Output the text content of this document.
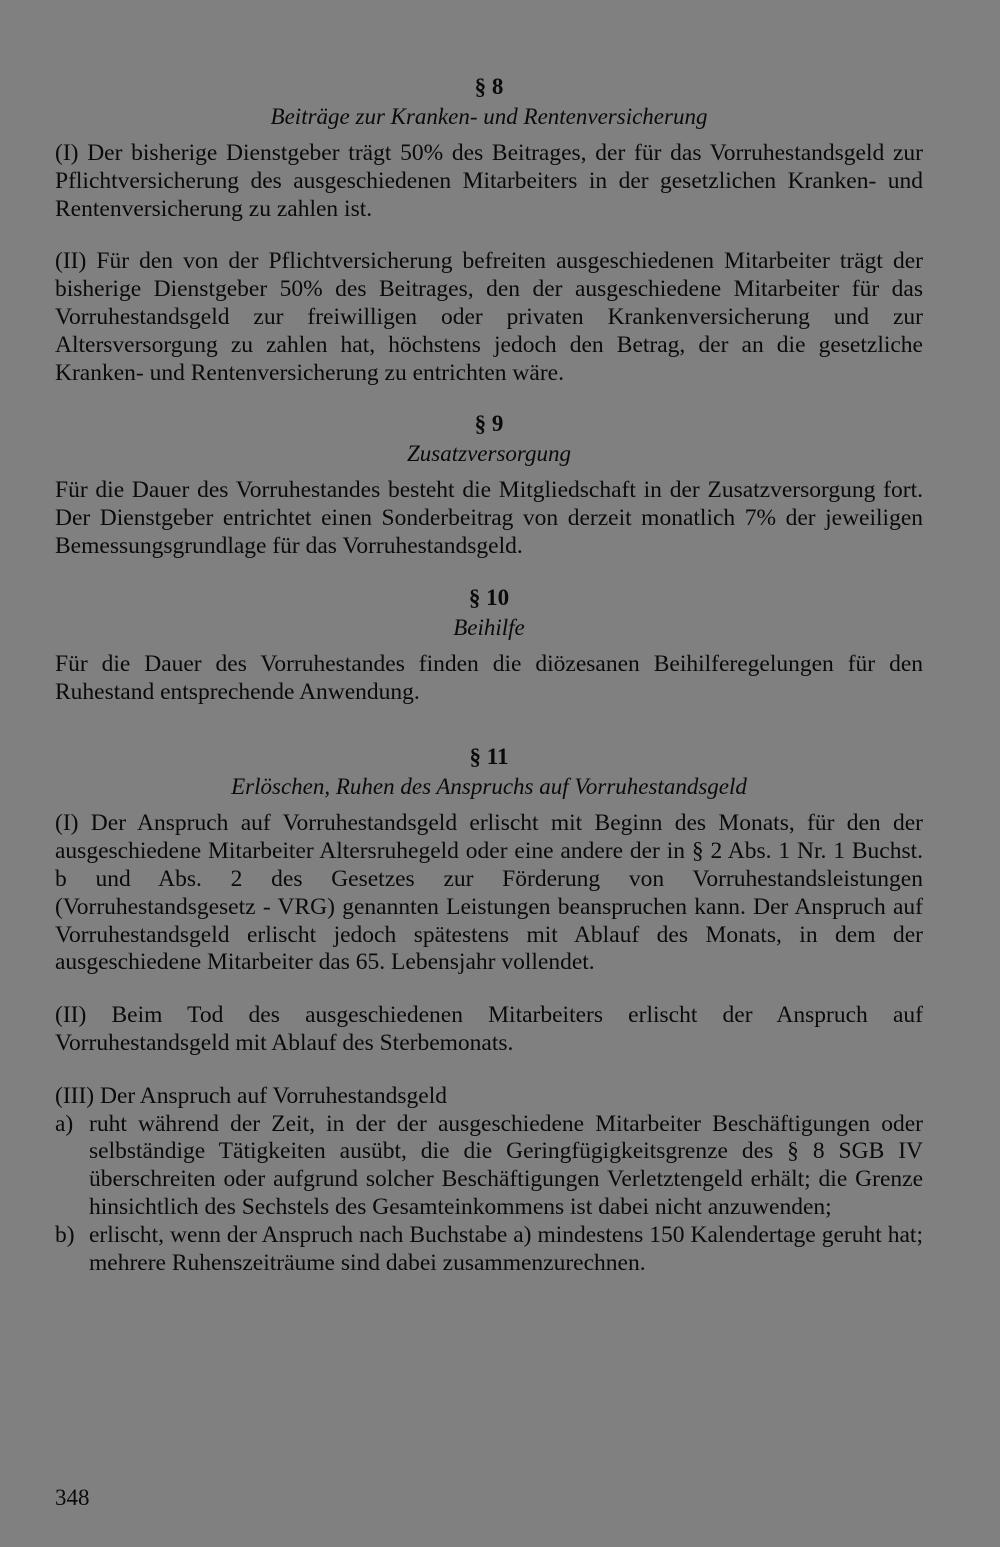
§ 8
Beiträge zur Kranken- und Rentenversicherung

(I) Der bisherige Dienstgeber trägt 50% des Beitrages, der für das Vorruhestandsgeld zur Pflichtversicherung des ausgeschiedenen Mitarbeiters in der gesetzlichen Kranken- und Rentenversicherung zu zahlen ist.

(II) Für den von der Pflichtversicherung befreiten ausgeschiedenen Mitarbeiter trägt der bisherige Dienstgeber 50% des Beitrages, den der ausgeschiedene Mitarbeiter für das Vorruhestandsgeld zur freiwilligen oder privaten Krankenversicherung und zur Altersversorgung zu zahlen hat, höchstens jedoch den Betrag, der an die gesetzliche Kranken- und Rentenversicherung zu entrichten wäre.

§ 9
Zusatzversorgung

Für die Dauer des Vorruhestandes besteht die Mitgliedschaft in der Zusatzversorgung fort. Der Dienstgeber entrichtet einen Sonderbeitrag von derzeit monatlich 7% der jeweiligen Bemessungsgrundlage für das Vorruhestandsgeld.

§ 10
Beihilfe

Für die Dauer des Vorruhestandes finden die diözesanen Beihilferegelungen für den Ruhestand entsprechende Anwendung.

§ 11
Erlöschen, Ruhen des Anspruchs auf Vorruhestandsgeld

(I) Der Anspruch auf Vorruhestandsgeld erlischt mit Beginn des Monats, für den der ausgeschiedene Mitarbeiter Altersruhegeld oder eine andere der in § 2 Abs. 1 Nr. 1 Buchst. b und Abs. 2 des Gesetzes zur Förderung von Vorruhestandsleistungen (Vorruhestandsgesetz - VRG) genannten Leistungen beanspruchen kann. Der Anspruch auf Vorruhestandsgeld erlischt jedoch spätestens mit Ablauf des Monats, in dem der ausgeschiedene Mitarbeiter das 65. Lebensjahr vollendet.

(II) Beim Tod des ausgeschiedenen Mitarbeiters erlischt der Anspruch auf Vorruhestandsgeld mit Ablauf des Sterbemonats.

(III) Der Anspruch auf Vorruhestandsgeld

a) ruht während der Zeit, in der der ausgeschiedene Mitarbeiter Beschäftigungen oder selbständige Tätigkeiten ausübt, die die Geringfügigkeitsgrenze des § 8 SGB IV überschreiten oder aufgrund solcher Beschäftigungen Verletztengeld erhält; die Grenze hinsichtlich des Sechstels des Gesamteinkommens ist dabei nicht anzuwenden;
b) erlischt, wenn der Anspruch nach Buchstabe a) mindestens 150 Kalendertage geruht hat; mehrere Ruhenszeiträume sind dabei zusammenzurechnen.
348
